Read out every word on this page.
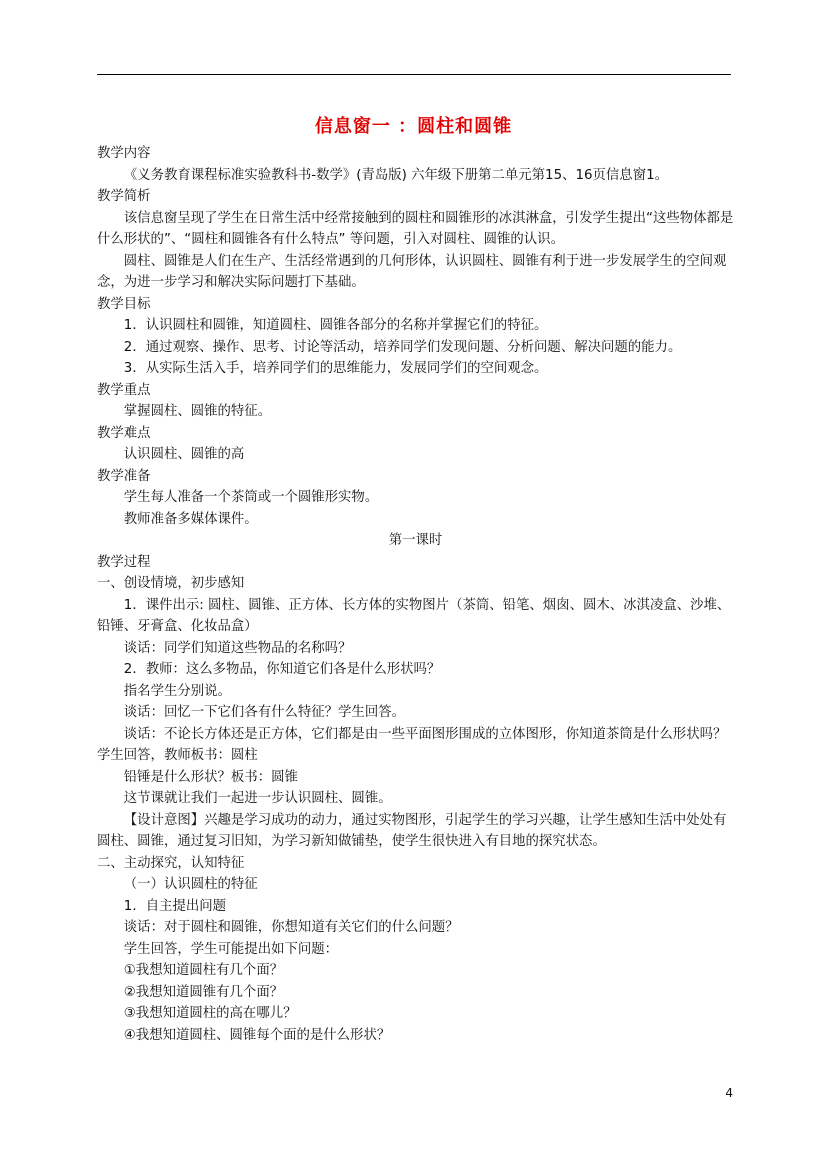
信息窗一 ：圆柱和圆锥

教学内容

《义务教育课程标准实验教科书-数学》(青岛版) 六年级下册第二单元第15、16页信息窗1。

教学简析

该信息窗呈现了学生在日常生活中经常接触到的圆柱和圆锥形的冰淇淋盒，引发学生提出“这些物体都是什么形状的”、“圆柱和圆锥各有什么特点” 等问题，引入对圆柱、圆锥的认识。

圆柱、圆锥是人们在生产、生活经常遇到的几何形体，认识圆柱、圆锥有利于进一步发展学生的空间观念，为进一步学习和解决实际问题打下基础。

教学目标

1．认识圆柱和圆锥，知道圆柱、圆锥各部分的名称并掌握它们的特征。

2．通过观察、操作、思考、讨论等活动，培养同学们发现问题、分析问题、解决问题的能力。

3．从实际生活入手，培养同学们的思维能力，发展同学们的空间观念。

教学重点

掌握圆柱、圆锥的特征。

教学难点

认识圆柱、圆锥的高

教学准备

学生每人准备一个茶筒或一个圆锥形实物。

教师准备多媒体课件。

第一课时

教学过程

一、创设情境，初步感知

1．课件出示: 圆柱、圆锥、正方体、长方体的实物图片（茶筒、铅笔、烟囱、圆木、冰淇凌盒、沙堆、铅锤、牙膏盒、化妆品盒）

谈话：同学们知道这些物品的名称吗？

2．教师：这么多物品，你知道它们各是什么形状吗？

指名学生分别说。

谈话：回忆一下它们各有什么特征？学生回答。

谈话：不论长方体还是正方体，它们都是由一些平面图形围成的立体图形，你知道茶筒是什么形状吗？学生回答，教师板书：圆柱

铅锤是什么形状？板书：圆锥

这节课就让我们一起进一步认识圆柱、圆锥。

【设计意图】兴趣是学习成功的动力，通过实物图形，引起学生的学习兴趣，让学生感知生活中处处有圆柱、圆锥，通过复习旧知，为学习新知做铺垫，使学生很快进入有目地的探究状态。

二、主动探究，认知特征

（一）认识圆柱的特征

1．自主提出问题

谈话：对于圆柱和圆锥，你想知道有关它们的什么问题？

学生回答，学生可能提出如下问题：

①我想知道圆柱有几个面？

②我想知道圆锥有几个面？

③我想知道圆柱的高在哪儿？

④我想知道圆柱、圆锥每个面的是什么形状？

4
